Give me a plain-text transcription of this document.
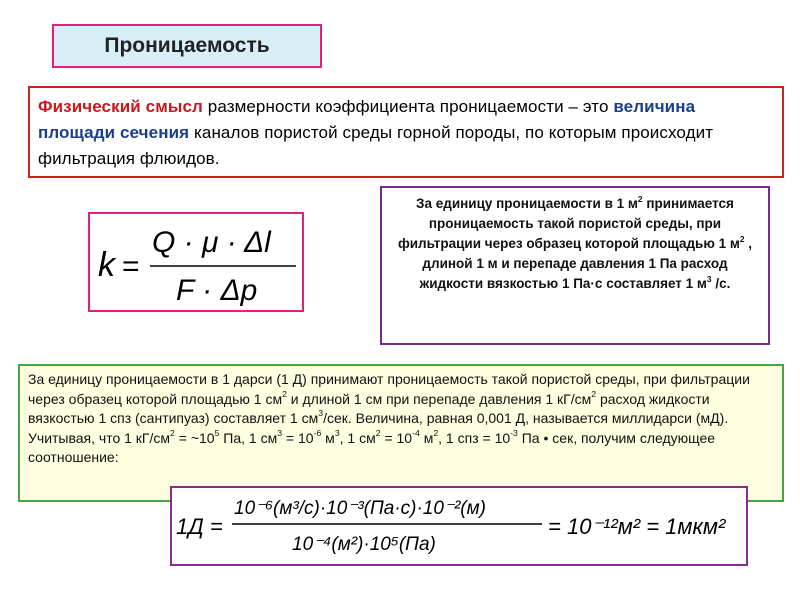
Проницаемость
Физический смысл размерности коэффициента проницаемости – это величина площади сечения каналов пористой среды горной породы, по которым происходит фильтрация флюидов.
k =
Q · μ · Δl
F · Δp
За единицу проницаемости в 1 $м^2$ принимается проницаемость такой пористой среды, при фильтрации через образец которой площадью 1 $м^2$ , длиной 1 м и перепаде давления 1 Па расход жидкости вязкостью 1 Па·с составляет 1 $м^3$ /с.
За единицу проницаемости в 1 дарси (1 Д) принимают проницаемость такой пористой среды, при фильтрации через образец которой площадью 1 $см^2$ и длиной 1 см при перепаде давления 1 $кГ/см^2$ расход жидкости вязкостью 1 спз (сантипуаз) составляет 1 $см^3$/сек. Величина, равная 0,001 Д, называется миллидарси (мД). Учитывая, что 1 $кГ/см^2$ = $\sim 10^5$ Па, 1 $см^3 = 10^{-6}$ $м^3$, 1 $см^2 = 10^{-4}$ $м^2$, 1 спз = $10^{-3}$ Па • сек, получим следующее соотношение:
1Д =
10⁻⁶(м³/с)·10⁻³(Па·с)·10⁻²(м)
10⁻⁴(м²)·10⁵(Па)
= 10⁻¹²м² = 1мкм²
